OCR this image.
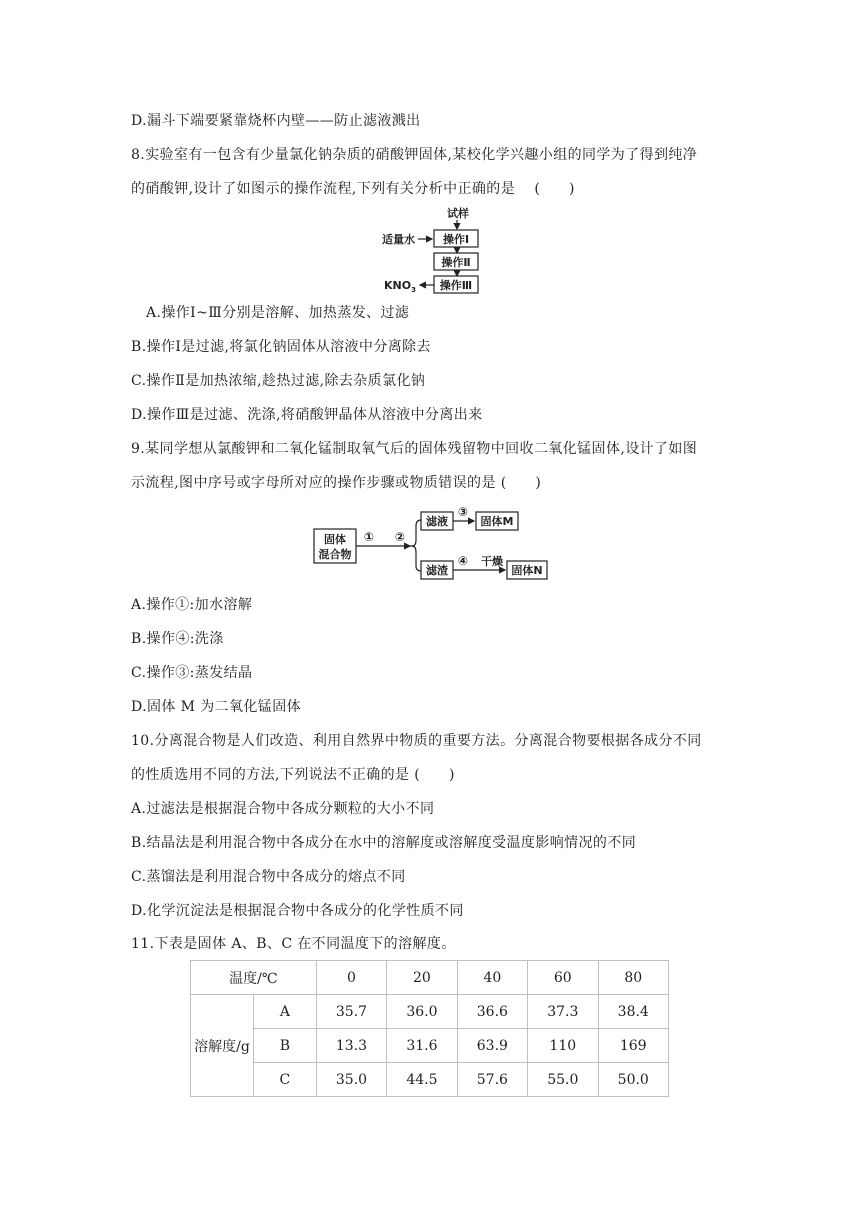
D.漏斗下端要紧靠烧杯内壁——防止滤液溅出
8.实验室有一包含有少量氯化钠杂质的硝酸钾固体,某校化学兴趣小组的同学为了得到纯净
的硝酸钾,设计了如图示的操作流程,下列有关分析中正确的是　 (　　)
试样
适量水	操作Ⅰ
操作Ⅱ
操作Ⅲ
$KNO_3$
A.操作Ⅰ~Ⅲ分别是溶解、加热蒸发、过滤
B.操作Ⅰ是过滤,将氯化钠固体从溶液中分离除去
C.操作Ⅱ是加热浓缩,趁热过滤,除去杂质氯化钠
D.操作Ⅲ是过滤、洗涤,将硝酸钾晶体从溶液中分离出来
9.某同学想从氯酸钾和二氧化锰制取氧气后的固体残留物中回收二氧化锰固体,设计了如图
示流程,图中序号或字母所对应的操作步骤或物质错误的是 (　　)
固体
混合物
① ②
滤液
③
固体M
滤渣
④ 干燥
固体N
A.操作①:加水溶解
B.操作④:洗涤
C.操作③:蒸发结晶
D.固体 M 为二氧化锰固体
10.分离混合物是人们改造、利用自然界中物质的重要方法。分离混合物要根据各成分不同
的性质选用不同的方法,下列说法不正确的是 (　　)
A.过滤法是根据混合物中各成分颗粒的大小不同
B.结晶法是利用混合物中各成分在水中的溶解度或溶解度受温度影响情况的不同
C.蒸馏法是利用混合物中各成分的熔点不同
D.化学沉淀法是根据混合物中各成分的化学性质不同
11.下表是固体 A、B、C 在不同温度下的溶解度。
温度/℃		0	20	40	60	80
溶解度/g	A	35.7	36.0	36.6	37.3	38.4
	B	13.3	31.6	63.9	110	169
	C	35.0	44.5	57.6	55.0	50.0
